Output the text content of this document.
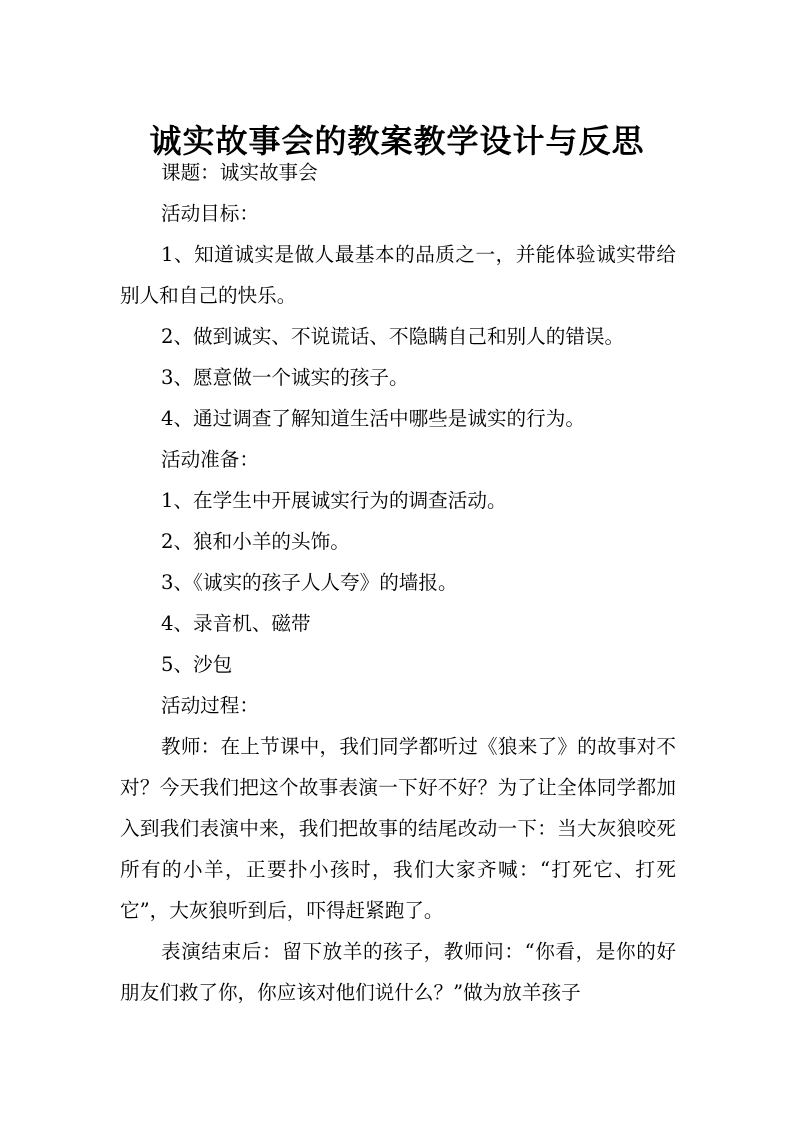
诚实故事会的教案教学设计与反思

课题：诚实故事会

活动目标：

1、知道诚实是做人最基本的品质之一，并能体验诚实带给别人和自己的快乐。

2、做到诚实、不说谎话、不隐瞒自己和别人的错误。

3、愿意做一个诚实的孩子。

4、通过调查了解知道生活中哪些是诚实的行为。

活动准备：

1、在学生中开展诚实行为的调查活动。

2、狼和小羊的头饰。

3、《诚实的孩子人人夸》的墙报。

4、录音机、磁带

5、沙包

活动过程：

教师：在上节课中，我们同学都听过《狼来了》的故事对不对？今天我们把这个故事表演一下好不好？为了让全体同学都加入到我们表演中来，我们把故事的结尾改动一下：当大灰狼咬死所有的小羊，正要扑小孩时，我们大家齐喊：“打死它、打死它”，大灰狼听到后，吓得赶紧跑了。

表演结束后：留下放羊的孩子，教师问：“你看，是你的好朋友们救了你，你应该对他们说什么？”做为放羊孩子
